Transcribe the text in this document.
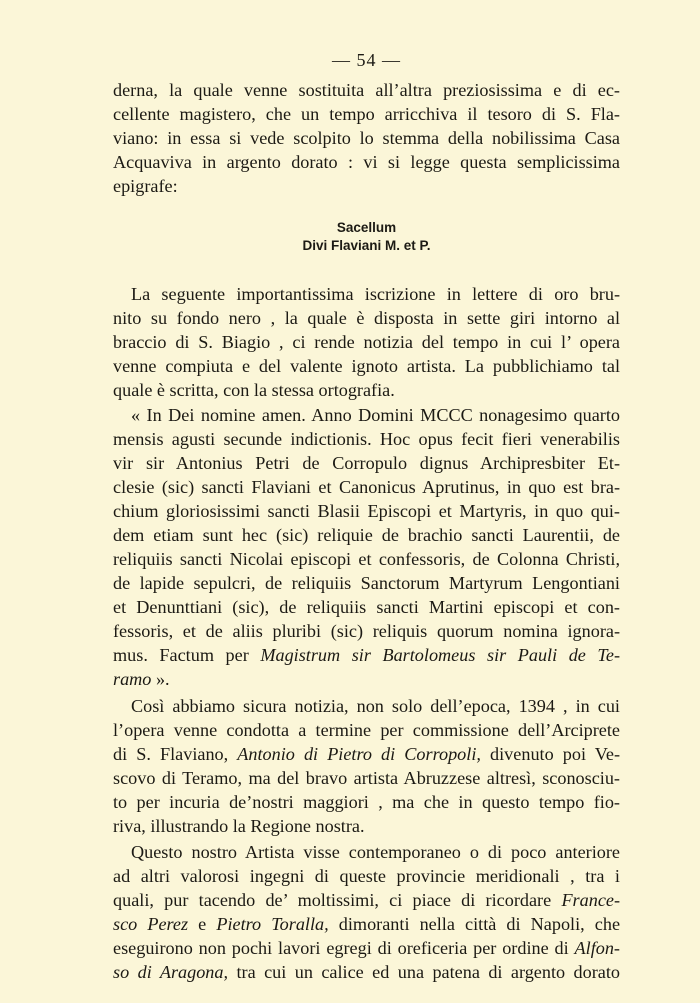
— 54 —
derna, la quale venne sostituita all’altra preziosissima e di ec-
cellente magistero, che un tempo arricchiva il tesoro di S. Fla-
viano: in essa si vede scolpito lo stemma della nobilissima Casa
Acquaviva in argento dorato : vi si legge questa semplicissima
epigrafe:
Sacellum
Divi Flaviani M. et P.
La seguente importantissima iscrizione in lettere di oro bru-
nito su fondo nero , la quale è disposta in sette giri intorno al
braccio di S. Biagio , ci rende notizia del tempo in cui l’ opera
venne compiuta e del valente ignoto artista. La pubblichiamo tal
quale è scritta, con la stessa ortografia.
« In Dei nomine amen. Anno Domini MCCC nonagesimo quarto
mensis agusti secunde indictionis. Hoc opus fecit fieri venerabilis
vir sir Antonius Petri de Corropulo dignus Archipresbiter Et-
clesie (sic) sancti Flaviani et Canonicus Aprutinus, in quo est bra-
chium gloriosissimi sancti Blasii Episcopi et Martyris, in quo qui-
dem etiam sunt hec (sic) reliquie de brachio sancti Laurentii, de
reliquiis sancti Nicolai episcopi et confessoris, de Colonna Christi,
de lapide sepulcri, de reliquiis Sanctorum Martyrum Lengontiani
et Denunttiani (sic), de reliquiis sancti Martini episcopi et con-
fessoris, et de aliis pluribi (sic) reliquis quorum nomina ignora-
mus. Factum per Magistrum sir Bartolomeus sir Pauli de Te-
ramo ».
Così abbiamo sicura notizia, non solo dell’epoca, 1394 , in cui
l’opera venne condotta a termine per commissione dell’Arciprete
di S. Flaviano, Antonio di Pietro di Corropoli, divenuto poi Ve-
scovo di Teramo, ma del bravo artista Abruzzese altresì, sconosciu-
to per incuria de’nostri maggiori , ma che in questo tempo fio-
riva, illustrando la Regione nostra.
Questo nostro Artista visse contemporaneo o di poco anteriore
ad altri valorosi ingegni di queste provincie meridionali , tra i
quali, pur tacendo de’ moltissimi, ci piace di ricordare France-
sco Perez e Pietro Toralla, dimoranti nella città di Napoli, che
eseguirono non pochi lavori egregi di oreficeria per ordine di Alfon-
so di Aragona, tra cui un calice ed una patena di argento dorato
